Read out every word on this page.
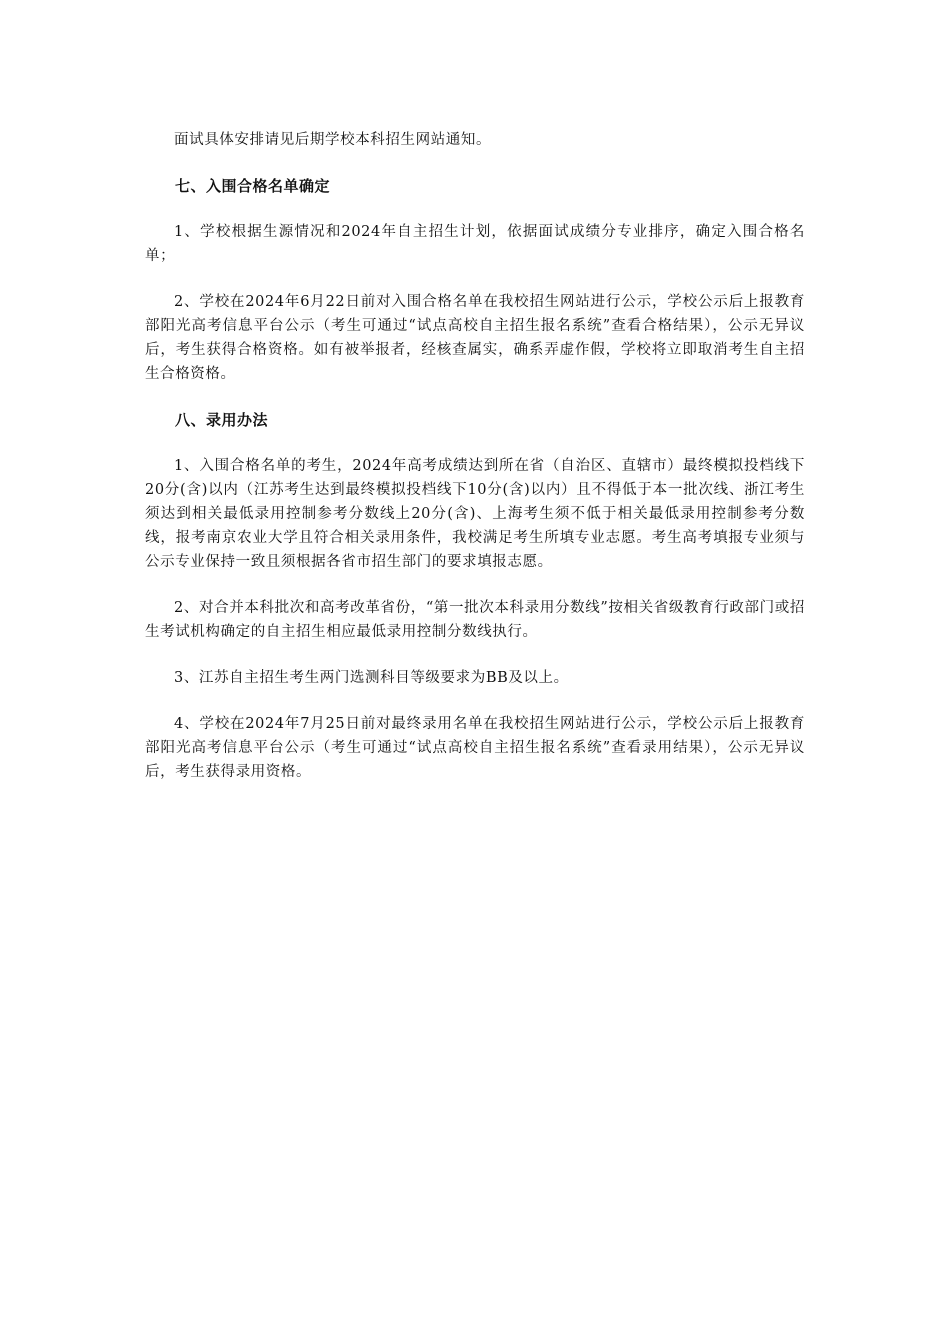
面试具体安排请见后期学校本科招生网站通知。

七、入围合格名单确定

1、学校根据生源情况和2024年自主招生计划，依据面试成绩分专业排序，确定入围合格名单；

2、学校在2024年6月22日前对入围合格名单在我校招生网站进行公示，学校公示后上报教育部阳光高考信息平台公示（考生可通过“试点高校自主招生报名系统”查看合格结果），公示无异议后，考生获得合格资格。如有被举报者，经核查属实，确系弄虚作假，学校将立即取消考生自主招生合格资格。

八、录用办法

1、入围合格名单的考生，2024年高考成绩达到所在省（自治区、直辖市）最终模拟投档线下20分(含)以内（江苏考生达到最终模拟投档线下10分(含)以内）且不得低于本一批次线、浙江考生须达到相关最低录用控制参考分数线上20分(含)、上海考生须不低于相关最低录用控制参考分数线，报考南京农业大学且符合相关录用条件，我校满足考生所填专业志愿。考生高考填报专业须与公示专业保持一致且须根据各省市招生部门的要求填报志愿。

2、对合并本科批次和高考改革省份，“第一批次本科录用分数线”按相关省级教育行政部门或招生考试机构确定的自主招生相应最低录用控制分数线执行。

3、江苏自主招生考生两门选测科目等级要求为BB及以上。

4、学校在2024年7月25日前对最终录用名单在我校招生网站进行公示，学校公示后上报教育部阳光高考信息平台公示（考生可通过“试点高校自主招生报名系统”查看录用结果），公示无异议后，考生获得录用资格。
